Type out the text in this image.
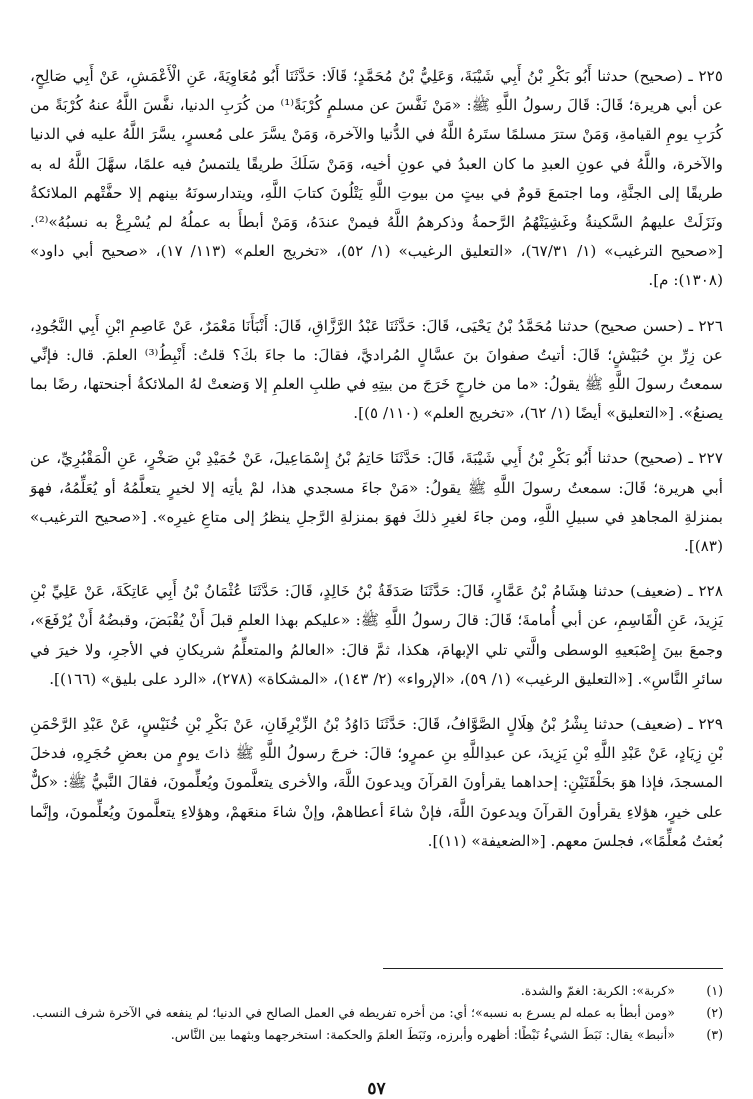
٢٢٥ ـ (صحيح) حدثنا أَبُو بَكْرِ بْنُ أَبِي شَيْبَةَ، وَعَلِيُّ بْنُ مُحَمَّدٍ؛ قَالَا: حَدَّثَنَا أَبُو مُعَاوِيَةَ، عَنِ الْأَعْمَشِ، عَنْ أَبِي صَالِحٍ، عن أبي هريرة؛ قَالَ: قَالَ رسولُ اللَّهِ ﷺ: «مَنْ نَفَّسَ عن مسلمٍ كُرْبَةً⁽¹⁾ من كُرَبِ الدنيا، نفَّسَ اللَّهُ عنهُ كُرْبَةً من كُرَبِ يومِ القيامةِ، وَمَنْ سترَ مسلمًا ستَرهُ اللَّهُ في الدُّنيا والآخرة، وَمَنْ يسَّرَ على مُعسرٍ، يسَّرَ اللَّهُ عليه في الدنيا والآخرة، واللَّهُ في عونِ العبدِ ما كان العبدُ في عونِ أخيه، وَمَنْ سَلَكَ طريقًا يلتمسُ فيه علمًا، سهَّلَ اللَّهُ له به طريقًا إلى الجنَّةِ، وما اجتمعَ قومٌ في بيتٍ من بيوتِ اللَّهِ يَتْلُونَ كتابَ اللَّهِ، ويتدارسونَهُ بينهم إلا حفَّتْهم الملائكةُ ونَزَلَتْ عليهمُ السَّكينةُ وغَشِيَتْهُمُ الرَّحمةُ وذكرهمُ اللَّهُ فيمنْ عندَهُ، وَمَنْ أبطأَ به عملُهُ لم يُسْرِعْ به نسبُهُ»⁽²⁾. [«صحيح الترغيب» (١/ ٦٧/٣١)، «التعليق الرغيب» (١/ ٥٢)، «تخريج العلم» (١١٣/ ١٧)، «صحيح أبي داود» (١٣٠٨): م].

٢٢٦ ـ (حسن صحيح) حدثنا مُحَمَّدُ بْنُ يَحْيَى، قَالَ: حَدَّثَنَا عَبْدُ الرَّزَّاقِ، قَالَ: أَنْبَأَنَا مَعْمَرٌ، عَنْ عَاصِمِ ابْنِ أَبِي النَّجُودِ، عن زِرِّ بنِ حُبَيْشٍ؛ قَالَ: أتيتُ صفوانَ بنَ عسَّالٍ المُراديَّ، فقالَ: ما جاءَ بكَ؟ قلتُ: أَنْبِطُ⁽³⁾ العلمَ. قال: فإنِّي سمعتُ رسولَ اللَّهِ ﷺ يقولُ: «ما من خارجٍ خَرَجَ من بيتِهِ في طلبِ العلمِ إلا وَضعتْ لهُ الملائكةُ أجنحتها، رضًا بما يصنعُ». [«التعليق» أيضًا (١/ ٦٢)، «تخريج العلم» (١١٠/ ٥)].

٢٢٧ ـ (صحيح) حدثنا أَبُو بَكْرِ بْنُ أَبِي شَيْبَةَ، قَالَ: حَدَّثَنَا حَاتِمُ بْنُ إِسْمَاعِيلَ، عَنْ حُمَيْدِ بْنِ صَخْرٍ، عَنِ الْمَقْبُرِيِّ، عن أبي هريرة؛ قَالَ: سمعتُ رسولَ اللَّهِ ﷺ يقولُ: «مَنْ جاءَ مسجدي هذا، لمْ يأتِه إلا لخيرٍ يتعلَّمُهُ أو يُعَلِّمُهُ، فهوَ بمنزلةِ المجاهدِ في سبيلِ اللَّهِ، ومن جاءَ لغيرِ ذلكَ فهوَ بمنزلةِ الرَّجلِ ينظرُ إلى متاعِ غيرِه». [«صحيح الترغيب» (٨٣)].

٢٢٨ ـ (ضعيف) حدثنا هِشَامُ بْنُ عَمَّارٍ، قَالَ: حَدَّثَنَا صَدَقَةُ بْنُ خَالِدٍ، قَالَ: حَدَّثَنَا عُثْمَانُ بْنُ أَبِي عَاتِكَةَ، عَنْ عَلِيِّ بْنِ يَزِيدَ، عَنِ الْقَاسِمِ، عن أبي أُمامةَ؛ قَالَ: قالَ رسولُ اللَّهِ ﷺ: «عليكم بهذا العلمِ قبلَ أَنْ يُقْبَضَ، وقبضُهُ أَنْ يُرْفَعَ»، وجمعَ بينَ إِصْبَعيهِ الوسطى والَّتي تلي الإبهامَ، هكذا، ثمَّ قالَ: «العالمُ والمتعلِّمُ شريكانِ في الأجرِ، ولا خيرَ في سائرِ النَّاسِ». [«التعليق الرغيب» (١/ ٥٩)، «الإرواء» (٢/ ١٤٣)، «المشكاة» (٢٧٨)، «الرد على بليق» (١٦٦)].

٢٢٩ ـ (ضعيف) حدثنا بِشْرُ بْنُ هِلَالٍ الصَّوَّافُ، قَالَ: حَدَّثَنَا دَاوُدُ بْنُ الزِّبْرِقَانِ، عَنْ بَكْرِ بْنِ خُنَيْسٍ، عَنْ عَبْدِ الرَّحْمَنِ بْنِ زِيَادٍ، عَنْ عَبْدِ اللَّهِ بْنِ يَزِيدَ، عن عبدِاللَّهِ بنِ عمرٍو؛ قالَ: خرجَ رسولُ اللَّهِ ﷺ ذاتَ يومٍ من بعضِ حُجَرِهِ، فدخلَ المسجدَ، فإذا هوَ بحَلْقَتَيْنِ: إحداهما يقرأونَ القرآنَ ويدعونَ اللَّهَ، والأخرى يتعلَّمونَ ويُعلِّمونَ، فقالَ النَّبيُّ ﷺ: «كلٌّ على خيرٍ، هؤلاءِ يقرأونَ القرآنَ ويدعونَ اللَّهَ، فإنْ شاءَ أعطاهمْ، وإنْ شاءَ منعَهمْ، وهؤلاءِ يتعلَّمونَ ويُعلِّمونَ، وإنَّما بُعثتُ مُعلِّمًا»، فجلسَ معهم. [«الضعيفة» (١١)].

(١)
«كربة»: الكربة: الغمّ والشدة.
(٢)
«ومن أبطأ به عمله لم يسرع به نسبه»؛ أي: من أخره تفريطه في العمل الصالح في الدنيا؛ لم ينفعه في الآخرة شرف النسب.
(٣)
«أنبط» يقال: نَبَطَ الشيءُ نَبْطًا: أظهره وأبرزه، ونَبَطَ العلمَ والحكمة: استخرجهما وبثهما بين النَّاس.
٥٧
